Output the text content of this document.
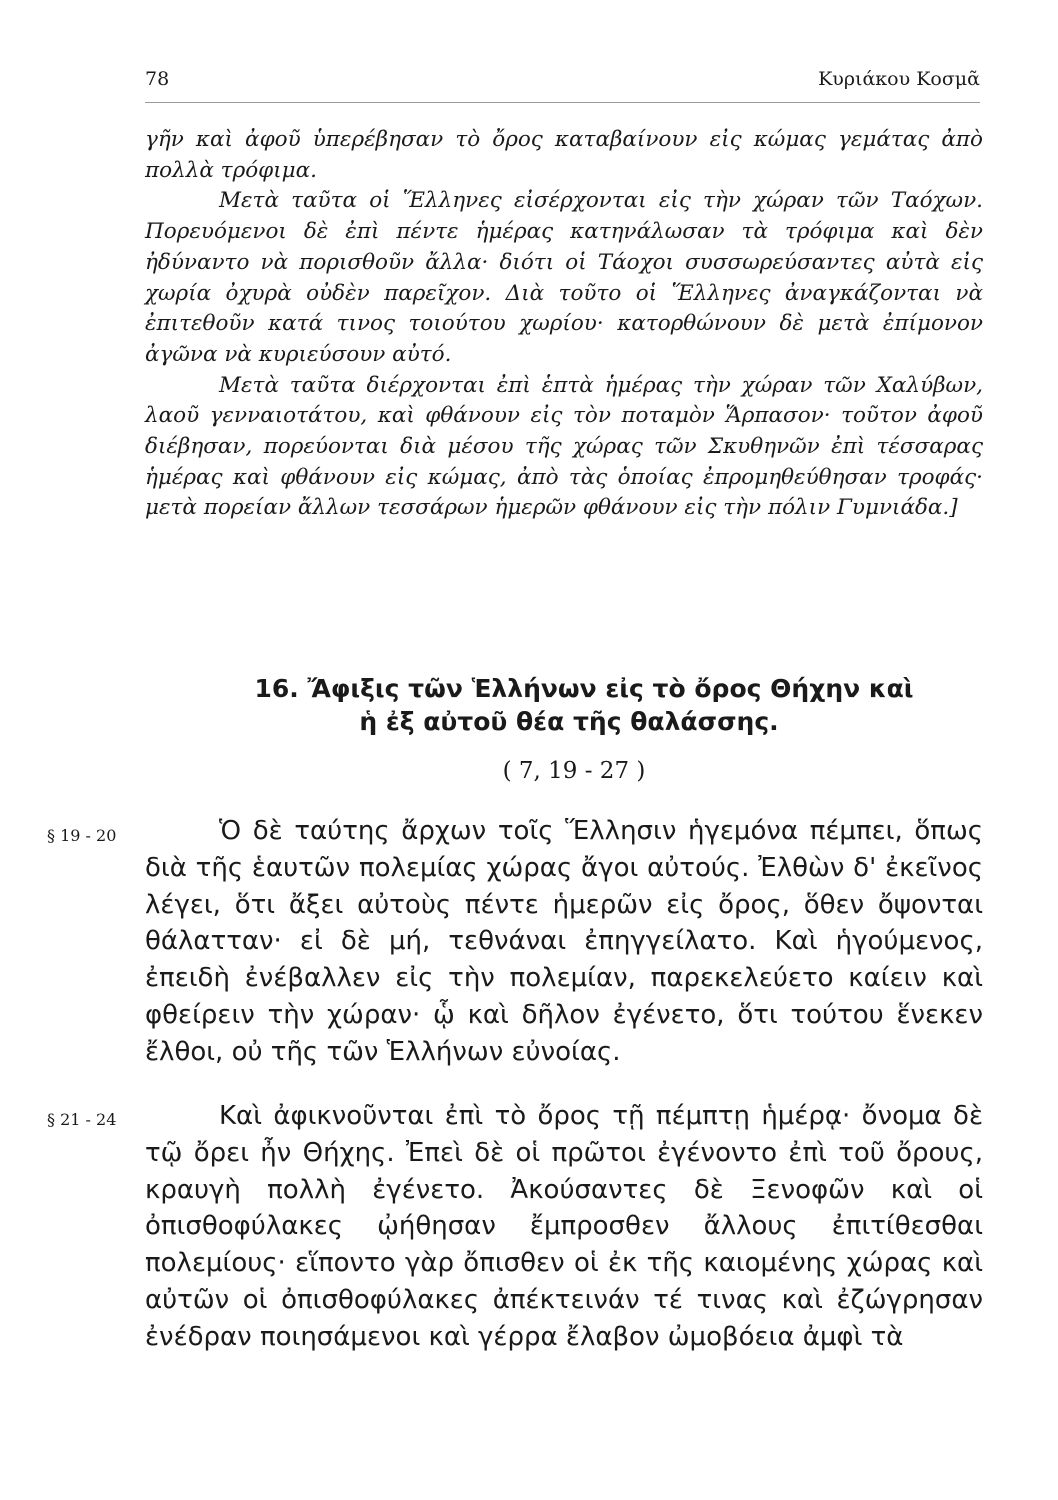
78	Κυριάκου Κοσμᾶ

γῆν καὶ ἀφοῦ ὑπερέβησαν τὸ ὄρος καταβαίνουν εἰς κώμας γεμάτας ἀπὸ πολλὰ τρόφιμα.

Μετὰ ταῦτα οἱ Ἕλληνες εἰσέρχονται εἰς τὴν χώραν τῶν Ταόχων. Πορευόμενοι δὲ ἐπὶ πέντε ἡμέρας κατηνάλωσαν τὰ τρόφιμα καὶ δὲν ἠδύναντο νὰ πορισθοῦν ἄλλα· διότι οἱ Τάοχοι συσσωρεύσαντες αὐτὰ εἰς χωρία ὀχυρὰ οὐδὲν παρεῖχον. Διὰ τοῦτο οἱ Ἕλληνες ἀναγκάζονται νὰ ἐπιτεθοῦν κατά τινος τοιούτου χωρίου· κατορθώνουν δὲ μετὰ ἐπίμονον ἀγῶνα νὰ κυριεύσουν αὐτό.

Μετὰ ταῦτα διέρχονται ἐπὶ ἑπτὰ ἡμέρας τὴν χώραν τῶν Χαλύβων, λαοῦ γενναιοτάτου, καὶ φθάνουν εἰς τὸν ποταμὸν Ἅρπασον· τοῦτον ἀφοῦ διέβησαν, πορεύονται διὰ μέσου τῆς χώρας τῶν Σκυθηνῶν ἐπὶ τέσσαρας ἡμέρας καὶ φθάνουν εἰς κώμας, ἀπὸ τὰς ὁποίας ἐπρομηθεύθησαν τροφάς· μετὰ πορείαν ἄλλων τεσσάρων ἡμερῶν φθάνουν εἰς τὴν πόλιν Γυμνιάδα.]

16. Ἄφιξις τῶν Ἑλλήνων εἰς τὸ ὄρος Θήχην καὶ
ἡ ἐξ αὐτοῦ θέα τῆς θαλάσσης.
( 7, 19 - 27 )
§ 19 - 20	Ὁ δὲ ταύτης ἄρχων τοῖς Ἕλλησιν ἡγεμόνα πέμπει, ὅπως διὰ τῆς ἑαυτῶν πολεμίας χώρας ἄγοι αὐτούς. Ἐλθὼν δ' ἐκεῖνος λέγει, ὅτι ἄξει αὐτοὺς πέντε ἡμερῶν εἰς ὄρος, ὅθεν ὄψονται θάλατταν· εἰ δὲ μή, τεθνάναι ἐπηγγείλατο. Καὶ ἡγούμενος, ἐπειδὴ ἐνέβαλλεν εἰς τὴν πολεμίαν, παρεκελεύετο καίειν καὶ φθείρειν τὴν χώραν· ᾧ καὶ δῆλον ἐγένετο, ὅτι τούτου ἕνεκεν ἔλθοι, οὐ τῆς τῶν Ἑλλήνων εὐνοίας.

§ 21 - 24	Καὶ ἀφικνοῦνται ἐπὶ τὸ ὄρος τῇ πέμπτῃ ἡμέρᾳ· ὄνομα δὲ τῷ ὄρει ἦν Θήχης. Ἐπεὶ δὲ οἱ πρῶτοι ἐγένοντο ἐπὶ τοῦ ὄρους, κραυγὴ πολλὴ ἐγένετο. Ἀκούσαντες δὲ Ξενοφῶν καὶ οἱ ὀπισθοφύλακες ᾠήθησαν ἔμπροσθεν ἄλλους ἐπιτίθεσθαι πολεμίους· εἵποντο γὰρ ὄπισθεν οἱ ἐκ τῆς καιομένης χώρας καὶ αὐτῶν οἱ ὀπισθοφύλακες ἀπέκτεινάν τέ τινας καὶ ἐζώγρησαν ἐνέδραν ποιησάμενοι καὶ γέρρα ἔλαβον ὠμοβόεια ἀμφὶ τὰ
